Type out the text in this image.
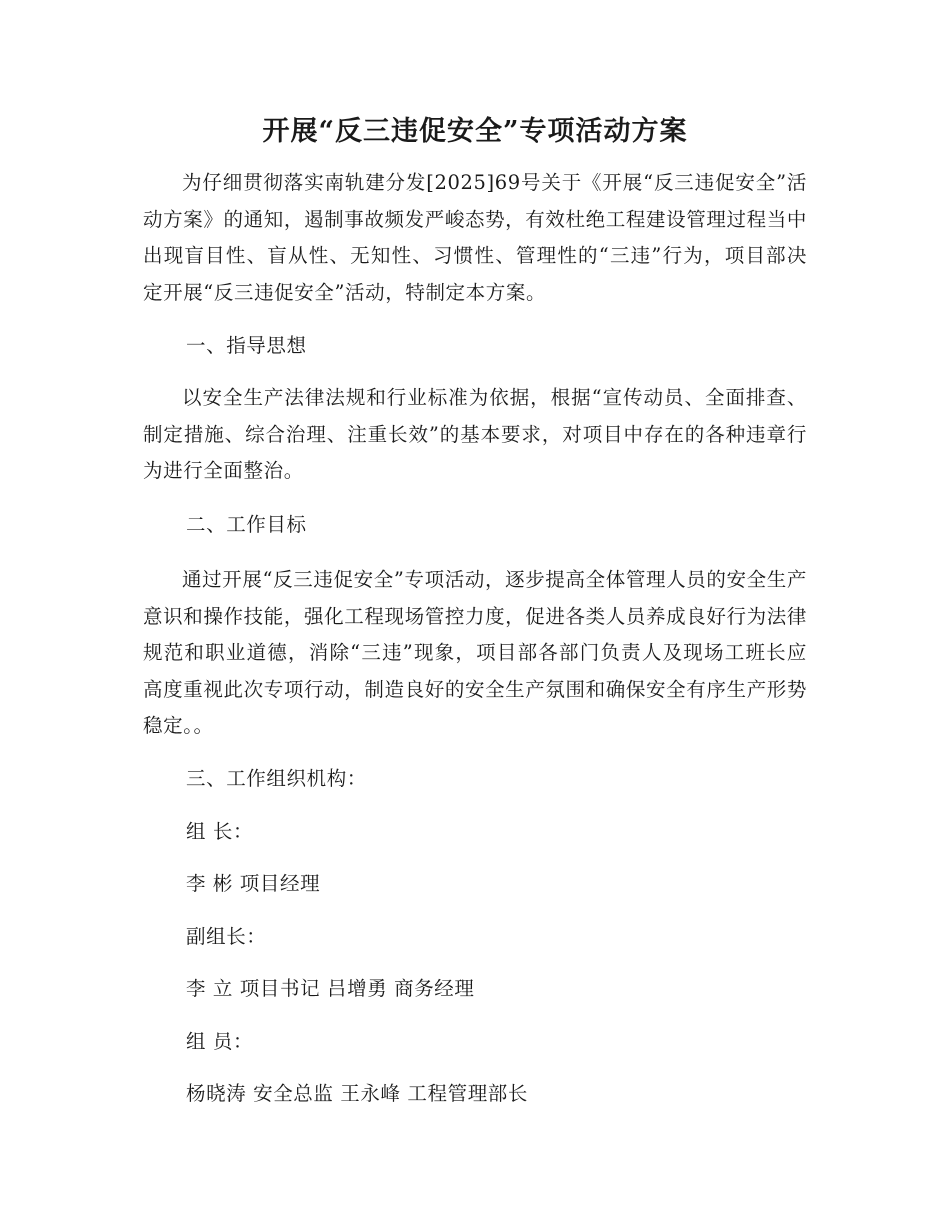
开展“反三违促安全”专项活动方案

为仔细贯彻落实南轨建分发[2025]69号关于《开展“反三违促安全”活动方案》的通知，遏制事故频发严峻态势，有效杜绝工程建设管理过程当中出现盲目性、盲从性、无知性、习惯性、管理性的“三违”行为，项目部决定开展“反三违促安全”活动，特制定本方案。

一、指导思想

以安全生产法律法规和行业标准为依据，根据“宣传动员、全面排查、制定措施、综合治理、注重长效”的基本要求，对项目中存在的各种违章行为进行全面整治。

二、工作目标

通过开展“反三违促安全”专项活动，逐步提高全体管理人员的安全生产意识和操作技能，强化工程现场管控力度，促进各类人员养成良好行为法律规范和职业道德，消除“三违”现象，项目部各部门负责人及现场工班长应高度重视此次专项行动，制造良好的安全生产氛围和确保安全有序生产形势稳定。。

三、工作组织机构：

组 长：

李 彬 项目经理

副组长：

李 立 项目书记 吕增勇 商务经理

组 员：

杨晓涛 安全总监 王永峰 工程管理部长
